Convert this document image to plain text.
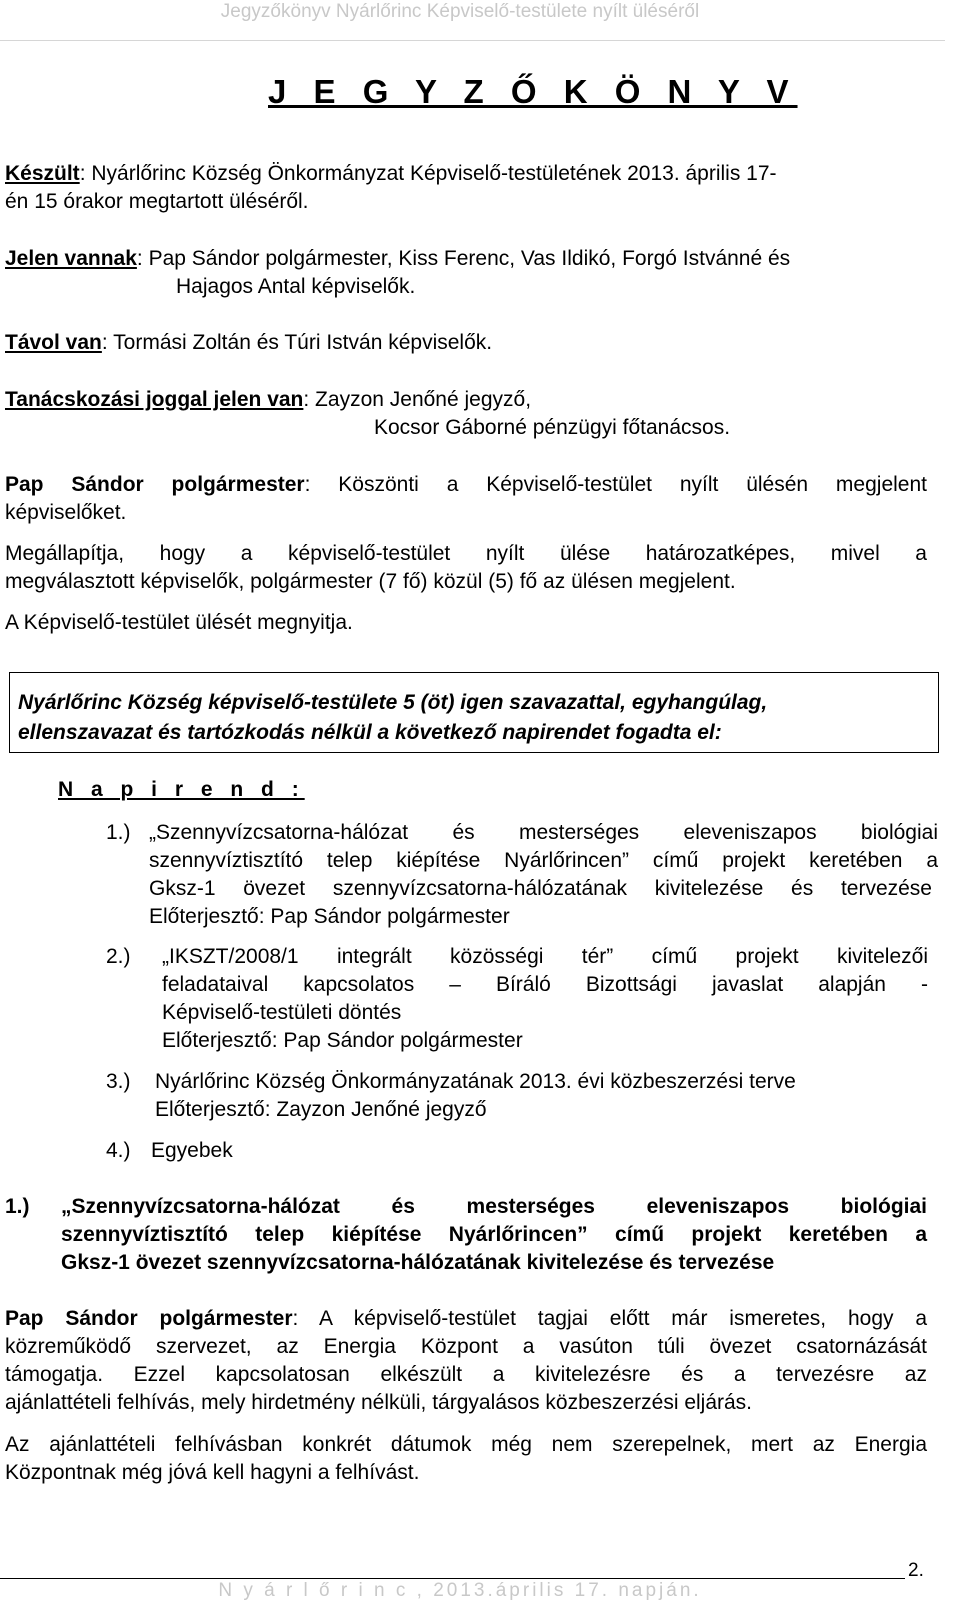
Jegyzőkönyv Nyárlőrinc Képviselő-testülete nyílt üléséről
J E G Y Z Ő K Ö N Y V
Készült: Nyárlőrinc Község Önkormányzat Képviselő-testületének 2013. április 17-
én 15 órakor megtartott üléséről.
Jelen vannak: Pap Sándor polgármester, Kiss Ferenc, Vas Ildikó, Forgó Istvánné és
Hajagos Antal képviselők.
Távol van: Tormási Zoltán és Túri István képviselők.
Tanácskozási joggal jelen van: Zayzon Jenőné jegyző,
Kocsor Gáborné pénzügyi főtanácsos.
Pap Sándor polgármester: Köszönti a Képviselő-testület nyílt ülésén megjelent
képviselőket.
Megállapítja, hogy a képviselő-testület nyílt ülése határozatképes, mivel a
megválasztott képviselők, polgármester (7 fő) közül (5) fő az ülésen megjelent.
A Képviselő-testület ülését megnyitja.
Nyárlőrinc Község képviselő-testülete 5 (öt) igen szavazattal, egyhangúlag,
ellenszavazat és tartózkodás nélkül a következő napirendet fogadta el:
N a p i r e n d :
1.) „Szennyvízcsatorna-hálózat és mesterséges eleveniszapos biológiai
szennyvíztisztító telep kiépítése Nyárlőrincen” című projekt keretében a
Gksz-1 övezet szennyvízcsatorna-hálózatának kivitelezése és tervezése
Előterjesztő: Pap Sándor polgármester
2.) „IKSZT/2008/1 integrált közösségi tér” című projekt kivitelezői
feladataival kapcsolatos – Bíráló Bizottsági javaslat alapján -
Képviselő-testületi döntés
Előterjesztő: Pap Sándor polgármester
3.) Nyárlőrinc Község Önkormányzatának 2013. évi közbeszerzési terve
Előterjesztő: Zayzon Jenőné jegyző
4.) Egyebek
1.) „Szennyvízcsatorna-hálózat és mesterséges eleveniszapos biológiai
szennyvíztisztító telep kiépítése Nyárlőrincen” című projekt keretében a
Gksz-1 övezet szennyvízcsatorna-hálózatának kivitelezése és tervezése
Pap Sándor polgármester: A képviselő-testület tagjai előtt már ismeretes, hogy a
közreműködő szervezet, az Energia Központ a vasúton túli övezet csatornázását
támogatja. Ezzel kapcsolatosan elkészült a kivitelezésre és a tervezésre az
ajánlattételi felhívás, mely hirdetmény nélküli, tárgyalásos közbeszerzési eljárás.
Az ajánlattételi felhívásban konkrét dátumok még nem szerepelnek, mert az Energia
Központnak még jóvá kell hagyni a felhívást.
2.
N y á r l ő r i n c , 2013.április 17. napján.
